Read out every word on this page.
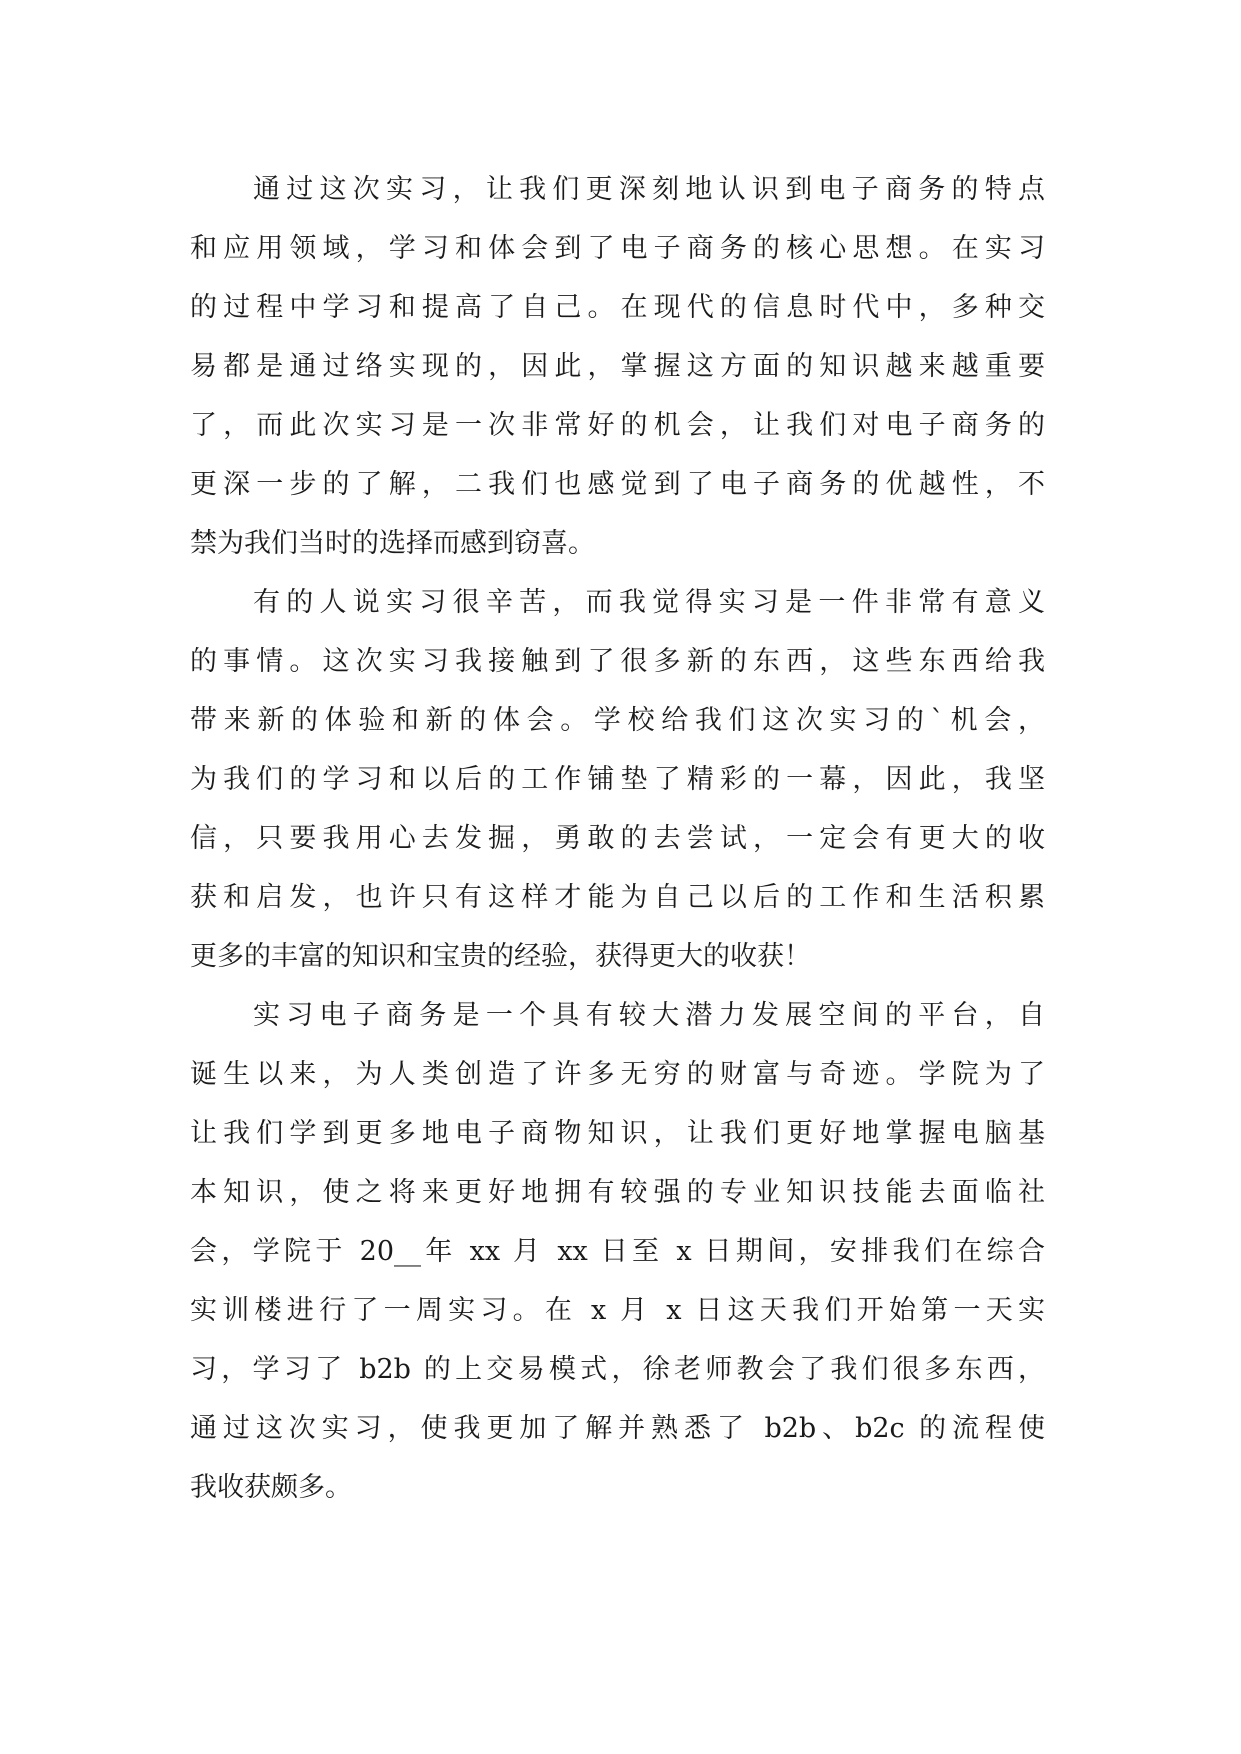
通过这次实习，让我们更深刻地认识到电子商务的特点
和应用领域，学习和体会到了电子商务的核心思想。在实习
的过程中学习和提高了自己。在现代的信息时代中，多种交
易都是通过络实现的，因此，掌握这方面的知识越来越重要
了，而此次实习是一次非常好的机会，让我们对电子商务的
更深一步的了解，二我们也感觉到了电子商务的优越性，不
禁为我们当时的选择而感到窃喜。

有的人说实习很辛苦，而我觉得实习是一件非常有意义
的事情。这次实习我接触到了很多新的东西，这些东西给我
带来新的体验和新的体会。学校给我们这次实习的`机会，
为我们的学习和以后的工作铺垫了精彩的一幕，因此，我坚
信，只要我用心去发掘，勇敢的去尝试，一定会有更大的收
获和启发，也许只有这样才能为自己以后的工作和生活积累
更多的丰富的知识和宝贵的经验，获得更大的收获！

实习电子商务是一个具有较大潜力发展空间的平台，自
诞生以来，为人类创造了许多无穷的财富与奇迹。学院为了
让我们学到更多地电子商物知识，让我们更好地掌握电脑基
本知识，使之将来更好地拥有较强的专业知识技能去面临社
会，学院于 20__年 xx 月 xx 日至 x 日期间，安排我们在综合
实训楼进行了一周实习。在 x 月 x 日这天我们开始第一天实
习，学习了 b2b 的上交易模式，徐老师教会了我们很多东西，
通过这次实习，使我更加了解并熟悉了 b2b、b2c 的流程使
我收获颇多。
